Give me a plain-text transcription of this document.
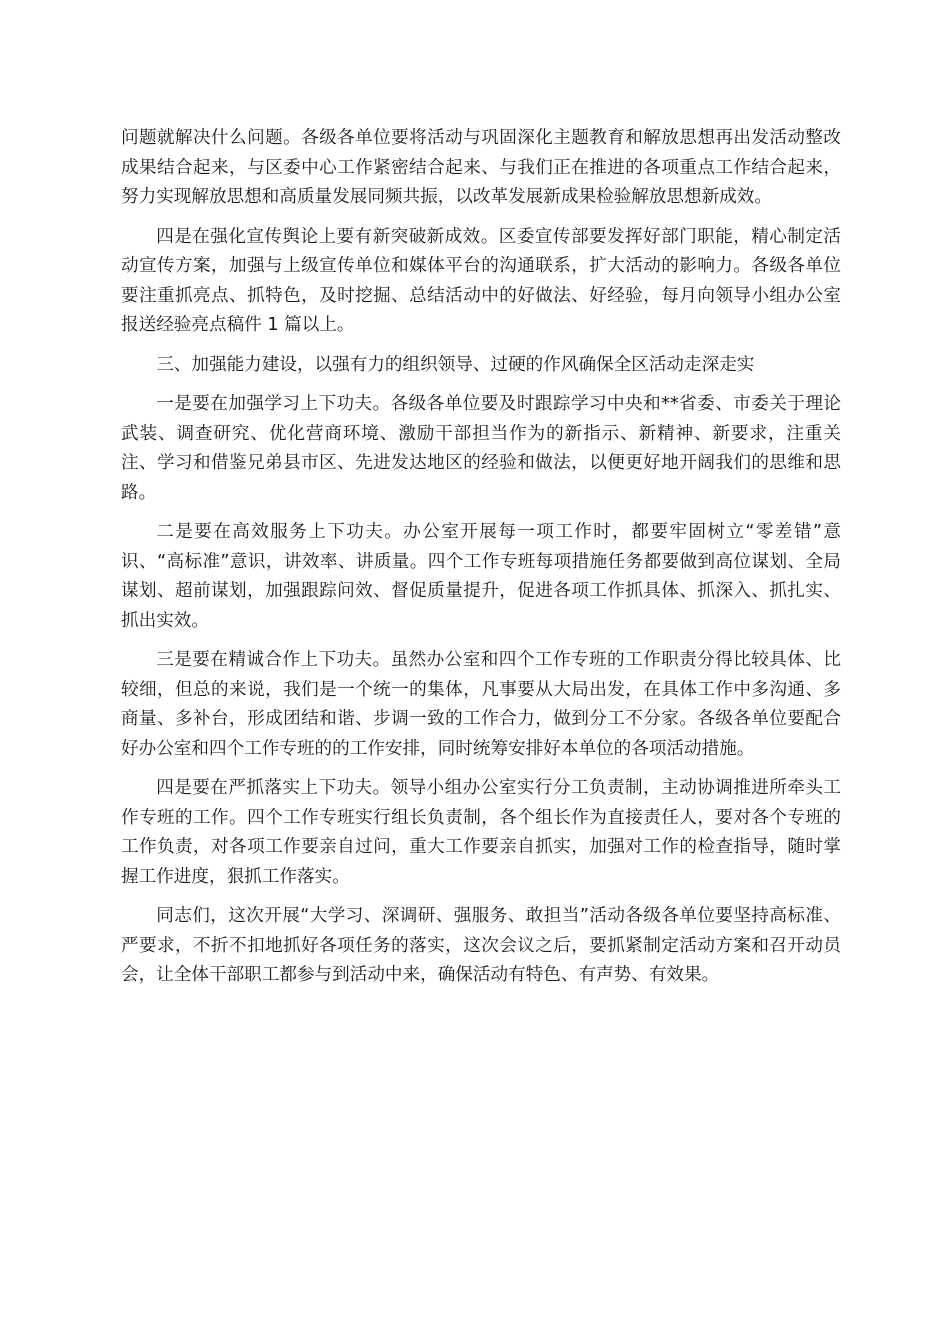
问题就解决什么问题。各级各单位要将活动与巩固深化主题教育和解放思想再出发活动整改成果结合起来，与区委中心工作紧密结合起来、与我们正在推进的各项重点工作结合起来，努力实现解放思想和高质量发展同频共振，以改革发展新成果检验解放思想新成效。

四是在强化宣传舆论上要有新突破新成效。区委宣传部要发挥好部门职能，精心制定活动宣传方案，加强与上级宣传单位和媒体平台的沟通联系，扩大活动的影响力。各级各单位要注重抓亮点、抓特色，及时挖掘、总结活动中的好做法、好经验，每月向领导小组办公室报送经验亮点稿件 1 篇以上。

三、加强能力建设，以强有力的组织领导、过硬的作风确保全区活动走深走实

一是要在加强学习上下功夫。各级各单位要及时跟踪学习中央和**省委、市委关于理论武装、调查研究、优化营商环境、激励干部担当作为的新指示、新精神、新要求，注重关注、学习和借鉴兄弟县市区、先进发达地区的经验和做法，以便更好地开阔我们的思维和思路。

二是要在高效服务上下功夫。办公室开展每一项工作时，都要牢固树立“零差错”意识、“高标准”意识，讲效率、讲质量。四个工作专班每项措施任务都要做到高位谋划、全局谋划、超前谋划，加强跟踪问效、督促质量提升，促进各项工作抓具体、抓深入、抓扎实、抓出实效。

三是要在精诚合作上下功夫。虽然办公室和四个工作专班的工作职责分得比较具体、比较细，但总的来说，我们是一个统一的集体，凡事要从大局出发，在具体工作中多沟通、多商量、多补台，形成团结和谐、步调一致的工作合力，做到分工不分家。各级各单位要配合好办公室和四个工作专班的的工作安排，同时统筹安排好本单位的各项活动措施。

四是要在严抓落实上下功夫。领导小组办公室实行分工负责制，主动协调推进所牵头工作专班的工作。四个工作专班实行组长负责制，各个组长作为直接责任人，要对各个专班的工作负责，对各项工作要亲自过问，重大工作要亲自抓实，加强对工作的检查指导，随时掌握工作进度，狠抓工作落实。

同志们，这次开展“大学习、深调研、强服务、敢担当”活动各级各单位要坚持高标准、严要求，不折不扣地抓好各项任务的落实，这次会议之后，要抓紧制定活动方案和召开动员会，让全体干部职工都参与到活动中来，确保活动有特色、有声势、有效果。
